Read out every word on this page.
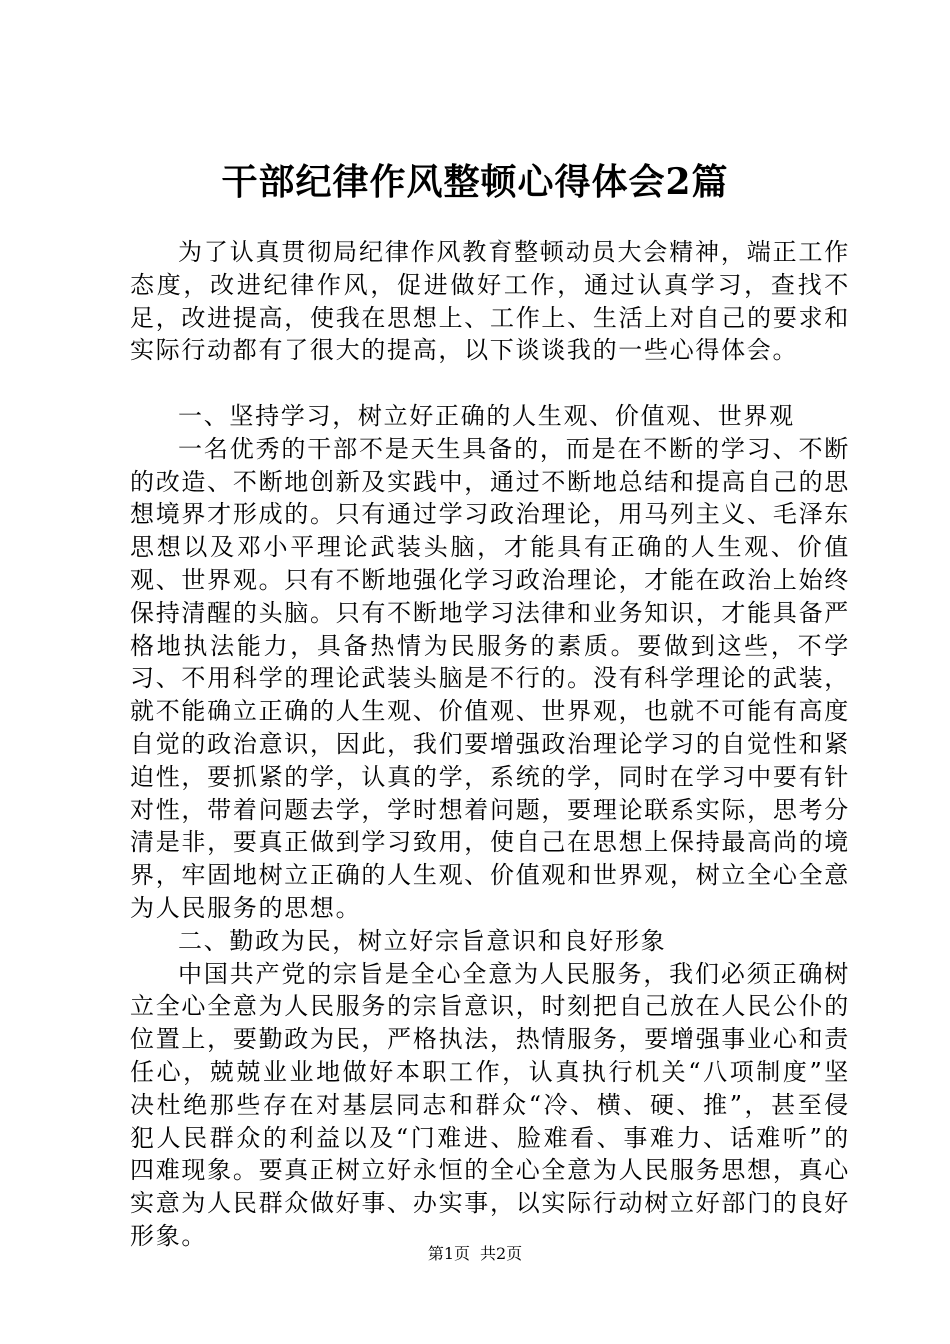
干部纪律作风整顿心得体会2篇

为了认真贯彻局纪律作风教育整顿动员大会精神，端正工作态度，改进纪律作风，促进做好工作，通过认真学习，查找不足，改进提高，使我在思想上、工作上、生活上对自己的要求和实际行动都有了很大的提高，以下谈谈我的一些心得体会。

一、坚持学习，树立好正确的人生观、价值观、世界观

一名优秀的干部不是天生具备的，而是在不断的学习、不断的改造、不断地创新及实践中，通过不断地总结和提高自己的思想境界才形成的。只有通过学习政治理论，用马列主义、毛泽东思想以及邓小平理论武装头脑，才能具有正确的人生观、价值观、世界观。只有不断地强化学习政治理论，才能在政治上始终保持清醒的头脑。只有不断地学习法律和业务知识，才能具备严格地执法能力，具备热情为民服务的素质。要做到这些，不学习、不用科学的理论武装头脑是不行的。没有科学理论的武装，就不能确立正确的人生观、价值观、世界观，也就不可能有高度自觉的政治意识，因此，我们要增强政治理论学习的自觉性和紧迫性，要抓紧的学，认真的学，系统的学，同时在学习中要有针对性，带着问题去学，学时想着问题，要理论联系实际，思考分清是非，要真正做到学习致用，使自己在思想上保持最高尚的境界，牢固地树立正确的人生观、价值观和世界观，树立全心全意为人民服务的思想。

二、勤政为民，树立好宗旨意识和良好形象

中国共产党的宗旨是全心全意为人民服务，我们必须正确树立全心全意为人民服务的宗旨意识，时刻把自己放在人民公仆的位置上，要勤政为民，严格执法，热情服务，要增强事业心和责任心，兢兢业业地做好本职工作，认真执行机关“八项制度”坚决杜绝那些存在对基层同志和群众“冷、横、硬、推”，甚至侵犯人民群众的利益以及“门难进、脸难看、事难力、话难听”的四难现象。要真正树立好永恒的全心全意为人民服务思想，真心实意为人民群众做好事、办实事，以实际行动树立好部门的良好形象。

第1页 共2页
